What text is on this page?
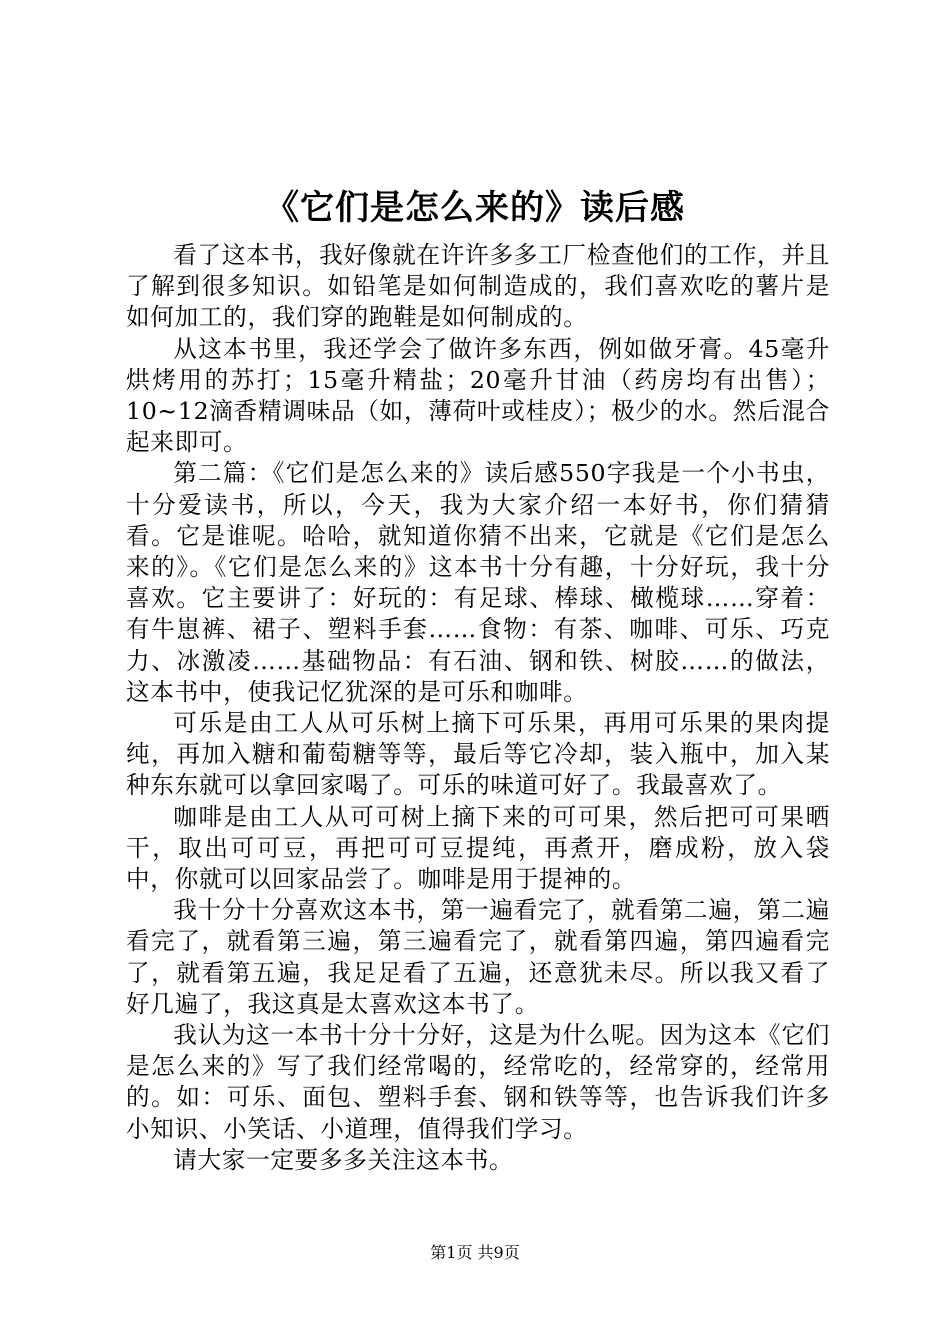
《它们是怎么来的》读后感

看了这本书，我好像就在许许多多工厂检查他们的工作，并且了解到很多知识。如铅笔是如何制造成的，我们喜欢吃的薯片是如何加工的，我们穿的跑鞋是如何制成的。

从这本书里，我还学会了做许多东西，例如做牙膏。45毫升烘烤用的苏打；15毫升精盐；20毫升甘油（药房均有出售）；10~12滴香精调味品（如，薄荷叶或桂皮）；极少的水。然后混合起来即可。

第二篇：《它们是怎么来的》读后感550字我是一个小书虫，十分爱读书，所以，今天，我为大家介绍一本好书，你们猜猜看。它是谁呢。哈哈，就知道你猜不出来，它就是《它们是怎么来的》。《它们是怎么来的》这本书十分有趣，十分好玩，我十分喜欢。它主要讲了：好玩的：有足球、棒球、橄榄球……穿着：有牛崽裤、裙子、塑料手套……食物：有茶、咖啡、可乐、巧克力、冰激凌……基础物品：有石油、钢和铁、树胶……的做法，这本书中，使我记忆犹深的是可乐和咖啡。

可乐是由工人从可乐树上摘下可乐果，再用可乐果的果肉提纯，再加入糖和葡萄糖等等，最后等它冷却，装入瓶中，加入某种东东就可以拿回家喝了。可乐的味道可好了。我最喜欢了。

咖啡是由工人从可可树上摘下来的可可果，然后把可可果晒干，取出可可豆，再把可可豆提纯，再煮开，磨成粉，放入袋中，你就可以回家品尝了。咖啡是用于提神的。

我十分十分喜欢这本书，第一遍看完了，就看第二遍，第二遍看完了，就看第三遍，第三遍看完了，就看第四遍，第四遍看完了，就看第五遍，我足足看了五遍，还意犹未尽。所以我又看了好几遍了，我这真是太喜欢这本书了。

我认为这一本书十分十分好，这是为什么呢。因为这本《它们是怎么来的》写了我们经常喝的，经常吃的，经常穿的，经常用的。如：可乐、面包、塑料手套、钢和铁等等，也告诉我们许多小知识、小笑话、小道理，值得我们学习。

请大家一定要多多关注这本书。

第1页 共9页
